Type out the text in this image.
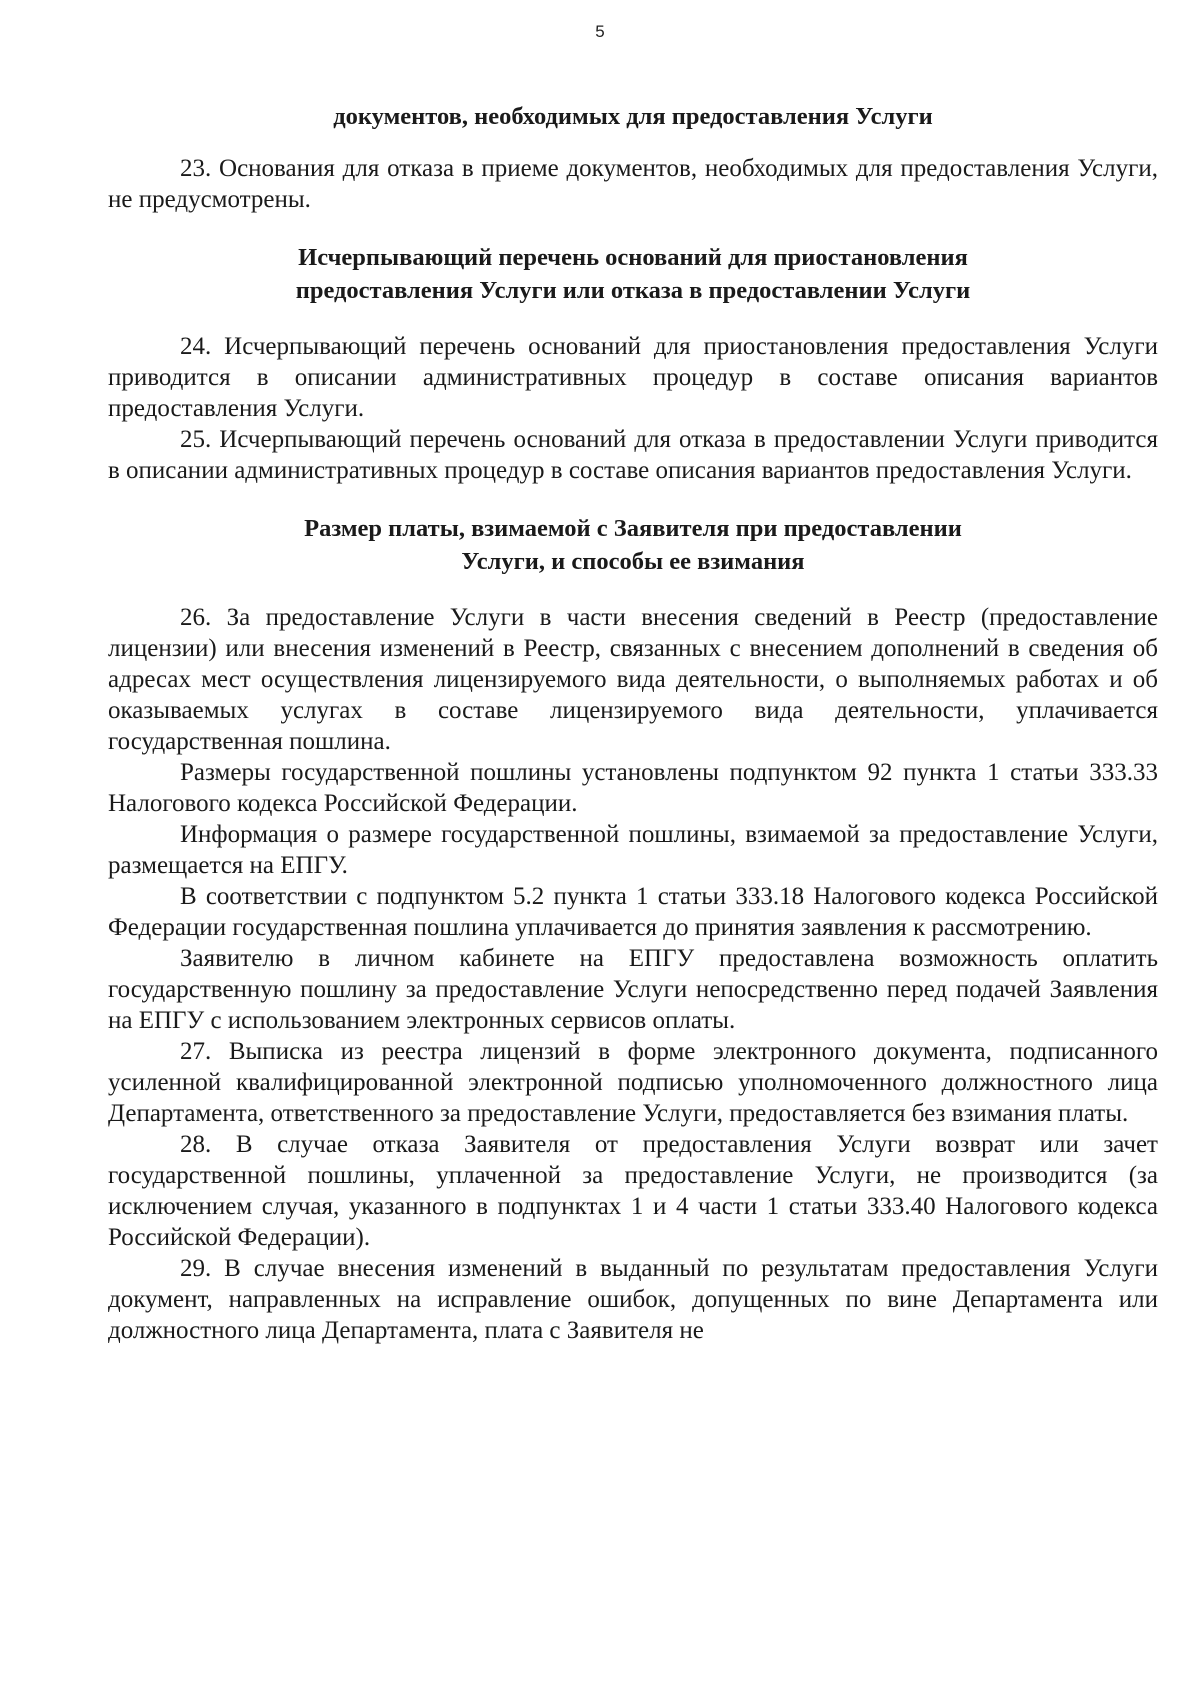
5
документов, необходимых для предоставления Услуги

23. Основания для отказа в приеме документов, необходимых для предоставления Услуги, не предусмотрены.

Исчерпывающий перечень оснований для приостановления
предоставления Услуги или отказа в предоставлении Услуги

24. Исчерпывающий перечень оснований для приостановления предоставления Услуги приводится в описании административных процедур в составе описания вариантов предоставления Услуги.

25. Исчерпывающий перечень оснований для отказа в предоставлении Услуги приводится в описании административных процедур в составе описания вариантов предоставления Услуги.

Размер платы, взимаемой с Заявителя при предоставлении
Услуги, и способы ее взимания

26. За предоставление Услуги в части внесения сведений в Реестр (предоставление лицензии) или внесения изменений в Реестр, связанных с внесением дополнений в сведения об адресах мест осуществления лицензируемого вида деятельности, о выполняемых работах и об оказываемых услугах в составе лицензируемого вида деятельности, уплачивается государственная пошлина.

Размеры государственной пошлины установлены подпунктом 92 пункта 1 статьи 333.33 Налогового кодекса Российской Федерации.

Информация о размере государственной пошлины, взимаемой за предоставление Услуги, размещается на ЕПГУ.

В соответствии с подпунктом 5.2 пункта 1 статьи 333.18 Налогового кодекса Российской Федерации государственная пошлина уплачивается до принятия заявления к рассмотрению.

Заявителю в личном кабинете на ЕПГУ предоставлена возможность оплатить государственную пошлину за предоставление Услуги непосредственно перед подачей Заявления на ЕПГУ с использованием электронных сервисов оплаты.

27. Выписка из реестра лицензий в форме электронного документа, подписанного усиленной квалифицированной электронной подписью уполномоченного должностного лица Департамента, ответственного за предоставление Услуги, предоставляется без взимания платы.

28. В случае отказа Заявителя от предоставления Услуги возврат или зачет государственной пошлины, уплаченной за предоставление Услуги, не производится (за исключением случая, указанного в подпунктах 1 и 4 части 1 статьи 333.40 Налогового кодекса Российской Федерации).

29. В случае внесения изменений в выданный по результатам предоставления Услуги документ, направленных на исправление ошибок, допущенных по вине Департамента или должностного лица Департамента, плата с Заявителя не
